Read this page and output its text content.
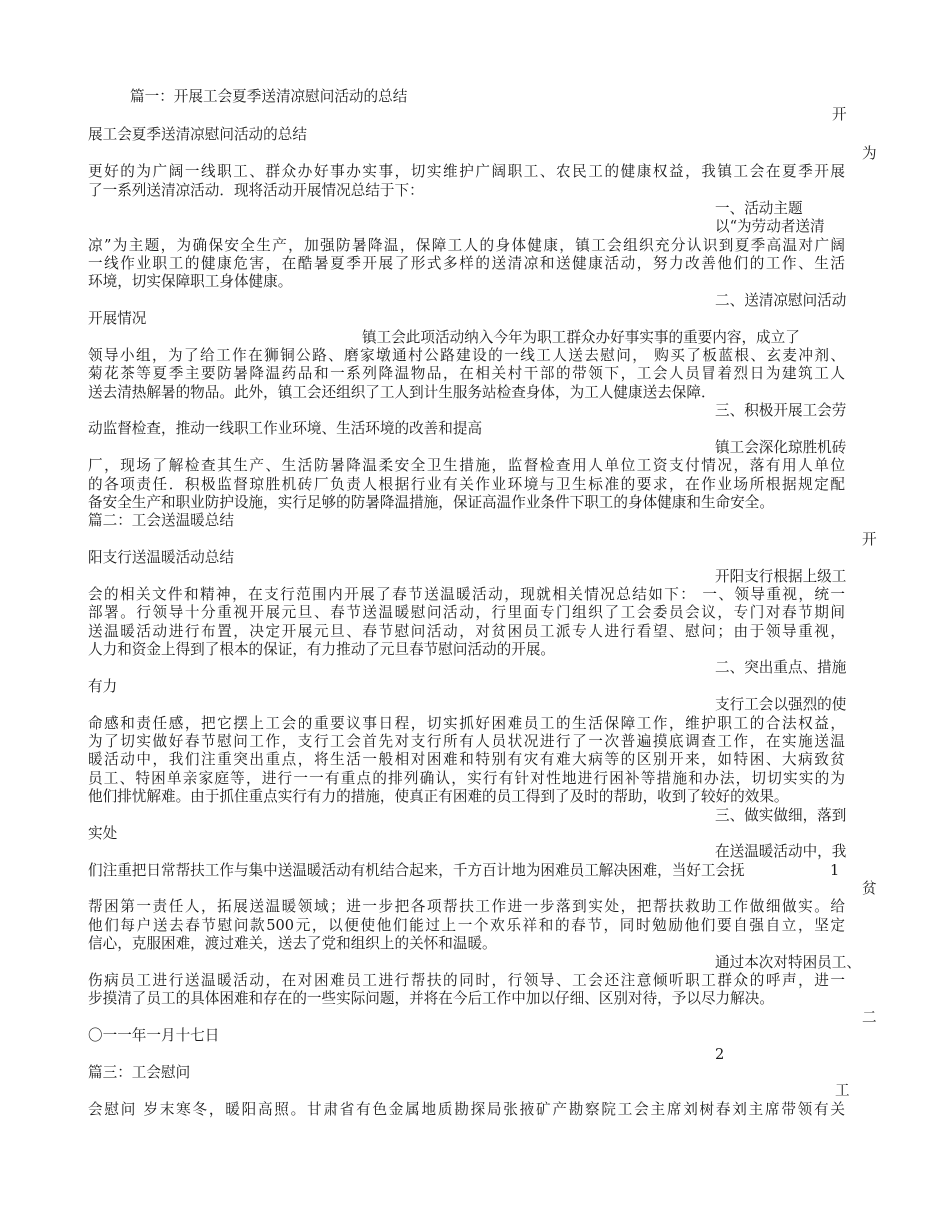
篇一：开展工会夏季送清凉慰问活动的总结
开
展工会夏季送清凉慰问活动的总结
为
更好的为广阔一线职工、群众办好事办实事，切实维护广阔职工、农民工的健康权益，我镇工会在夏季开展
了一系列送清凉活动．现将活动开展情况总结于下：
一、活动主题
以“为劳动者送清
凉”为主题，为确保安全生产，加强防暑降温，保障工人的身体健康，镇工会组织充分认识到夏季高温对广阔
一线作业职工的健康危害，在酷暑夏季开展了形式多样的送清凉和送健康活动，努力改善他们的工作、生活
环境，切实保障职工身体健康。
二、送清凉慰问活动
开展情况
镇工会此项活动纳入今年为职工群众办好事实事的重要内容，成立了
领导小组，为了给工作在狮铜公路、磨家墩通村公路建设的一线工人送去慰问， 购买了板蓝根、玄麦冲剂、
菊花茶等夏季主要防暑降温药品和一系列降温物品，在相关村干部的带领下，工会人员冒着烈日为建筑工人
送去清热解暑的物品。此外，镇工会还组织了工人到计生服务站检查身体，为工人健康送去保障．
三、积极开展工会劳
动监督检查，推动一线职工作业环境、生活环境的改善和提高
镇工会深化琼胜机砖
厂，现场了解检查其生产、生活防暑降温柔安全卫生措施，监督检查用人单位工资支付情况，落有用人单位
的各项责任．积极监督琼胜机砖厂负责人根据行业有关作业环境与卫生标准的要求，在作业场所根据规定配
备安全生产和职业防护设施，实行足够的防暑降温措施，保证高温作业条件下职工的身体健康和生命安全。
篇二：工会送温暖总结
开
阳支行送温暖活动总结
开阳支行根据上级工
会的相关文件和精神，在支行范围内开展了春节送温暖活动，现就相关情况总结如下： 一、领导重视，统一
部署。行领导十分重视开展元旦、春节送温暖慰问活动，行里面专门组织了工会委员会议，专门对春节期间
送温暖活动进行布置，决定开展元旦、春节慰问活动，对贫困员工派专人进行看望、慰问；由于领导重视，
人力和资金上得到了根本的保证，有力推动了元旦春节慰问活动的开展。
二、突出重点、措施
有力
支行工会以强烈的使
命感和责任感，把它摆上工会的重要议事日程，切实抓好困难员工的生活保障工作，维护职工的合法权益，
为了切实做好春节慰问工作，支行工会首先对支行所有人员状况进行了一次普遍摸底调查工作，在实施送温
暖活动中，我们注重突出重点，将生活一般相对困难和特别有灾有难大病等的区别开来，如特困、大病致贫
员工、特困单亲家庭等，进行一一有重点的排列确认，实行有针对性地进行困补等措施和办法，切切实实的为
他们排忧解难。由于抓住重点实行有力的措施，使真正有困难的员工得到了及时的帮助，收到了较好的效果。
三、做实做细，落到
实处
在送温暖活动中，我
们注重把日常帮扶工作与集中送温暖活动有机结合起来，千方百计地为困难员工解决困难，当好工会抚	1
贫
帮困第一责任人，拓展送温暖领域；进一步把各项帮扶工作进一步落到实处，把帮扶救助工作做细做实。给
他们每户送去春节慰问款500元，以便使他们能过上一个欢乐祥和的春节，同时勉励他们要自强自立，坚定
信心，克服困难，渡过难关，送去了党和组织上的关怀和温暖。
通过本次对特困员工、
伤病员工进行送温暖活动，在对困难员工进行帮扶的同时，行领导、工会还注意倾听职工群众的呼声，进一
步摸清了员工的具体困难和存在的一些实际问题，并将在今后工作中加以仔细、区别对待，予以尽力解决。
二
〇一一年一月十七日
2
篇三：工会慰问
工
会慰问 岁末寒冬，暖阳高照。甘肃省有色金属地质勘探局张掖矿产勘察院工会主席刘树春刘主席带领有关
